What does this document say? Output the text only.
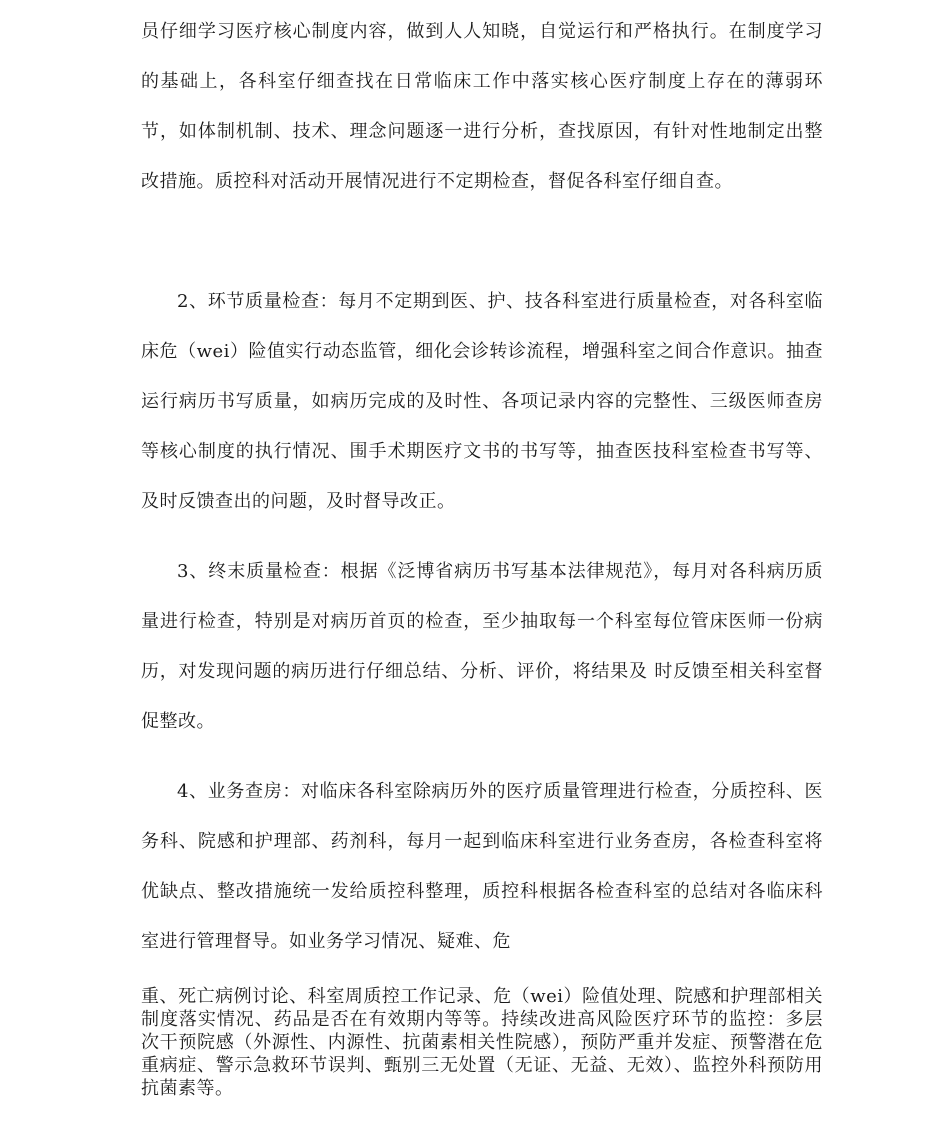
员仔细学习医疗核心制度内容，做到人人知晓，自觉运行和严格执行。在制度学习的基础上，各科室仔细查找在日常临床工作中落实核心医疗制度上存在的薄弱环节，如体制机制、技术、理念问题逐一进行分析，查找原因，有针对性地制定出整改措施。质控科对活动开展情况进行不定期检查，督促各科室仔细自查。

2、环节质量检查：每月不定期到医、护、技各科室进行质量检查，对各科室临床危（wei）险值实行动态监管，细化会诊转诊流程，增强科室之间合作意识。抽查运行病历书写质量，如病历完成的及时性、各项记录内容的完整性、三级医师查房等核心制度的执行情况、围手术期医疗文书的书写等，抽查医技科室检查书写等、及时反馈查出的问题，及时督导改正。

3、终末质量检查：根据《泛博省病历书写基本法律规范》，每月对各科病历质量进行检查，特别是对病历首页的检查，至少抽取每一个科室每位管床医师一份病历，对发现问题的病历进行仔细总结、分析、评价，将结果及 时反馈至相关科室督促整改。

4、业务查房：对临床各科室除病历外的医疗质量管理进行检查，分质控科、医务科、院感和护理部、药剂科，每月一起到临床科室进行业务查房，各检查科室将优缺点、整改措施统一发给质控科整理，质控科根据各检查科室的总结对各临床科室进行管理督导。如业务学习情况、疑难、危

重、死亡病例讨论、科室周质控工作记录、危（wei）险值处理、院感和护理部相关制度落实情况、药品是否在有效期内等等。持续改进高风险医疗环节的监控：多层次干预院感（外源性、内源性、抗菌素相关性院感），预防严重并发症、预警潜在危重病症、警示急救环节误判、甄别三无处置（无证、无益、无效）、监控外科预防用抗菌素等。
